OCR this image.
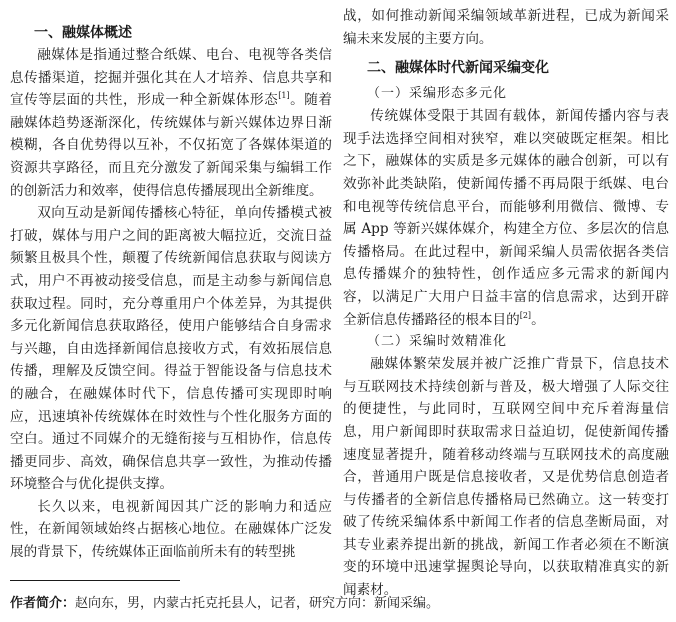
一、融媒体概述

融媒体是指通过整合纸媒、电台、电视等各类信息传播渠道，挖掘并强化其在人才培养、信息共享和宣传等层面的共性，形成一种全新媒体形态[1]。随着融媒体趋势逐渐深化，传统媒体与新兴媒体边界日渐模糊，各自优势得以互补，不仅拓宽了各媒体渠道的资源共享路径，而且充分激发了新闻采集与编辑工作的创新活力和效率，使得信息传播展现出全新维度。

双向互动是新闻传播核心特征，单向传播模式被打破，媒体与用户之间的距离被大幅拉近，交流日益频繁且极具个性，颠覆了传统新闻信息获取与阅读方式，用户不再被动接受信息，而是主动参与新闻信息获取过程。同时，充分尊重用户个体差异，为其提供多元化新闻信息获取路径，使用户能够结合自身需求与兴趣，自由选择新闻信息接收方式，有效拓展信息传播，理解及反馈空间。得益于智能设备与信息技术的融合，在融媒体时代下，信息传播可实现即时响应，迅速填补传统媒体在时效性与个性化服务方面的空白。通过不同媒介的无缝衔接与互相协作，信息传播更同步、高效，确保信息共享一致性，为推动传播环境整合与优化提供支撑。

长久以来，电视新闻因其广泛的影响力和适应性，在新闻领域始终占据核心地位。在融媒体广泛发展的背景下，传统媒体正面临前所未有的转型挑

战，如何推动新闻采编领域革新进程，已成为新闻采编未来发展的主要方向。

二、融媒体时代新闻采编变化
（一）采编形态多元化

传统媒体受限于其固有载体，新闻传播内容与表现手法选择空间相对狭窄，难以突破既定框架。相比之下，融媒体的实质是多元媒体的融合创新，可以有效弥补此类缺陷，使新闻传播不再局限于纸媒、电台和电视等传统信息平台，而能够利用微信、微博、专属 App 等新兴媒体媒介，构建全方位、多层次的信息传播格局。在此过程中，新闻采编人员需依据各类信息传播媒介的独特性，创作适应多元需求的新闻内容，以满足广大用户日益丰富的信息需求，达到开辟全新信息传播路径的根本目的[2]。

（二）采编时效精准化

融媒体繁荣发展并被广泛推广背景下，信息技术与互联网技术持续创新与普及，极大增强了人际交往的便捷性，与此同时，互联网空间中充斥着海量信息，用户新闻即时获取需求日益迫切，促使新闻传播速度显著提升，随着移动终端与互联网技术的高度融合，普通用户既是信息接收者，又是优势信息创造者与传播者的全新信息传播格局已然确立。这一转变打破了传统采编体系中新闻工作者的信息垄断局面，对其专业素养提出新的挑战，新闻工作者必须在不断演变的环境中迅速掌握舆论导向，以获取精准真实的新闻素材。

作者简介：赵向东，男，内蒙古托克托县人，记者，研究方向：新闻采编。
